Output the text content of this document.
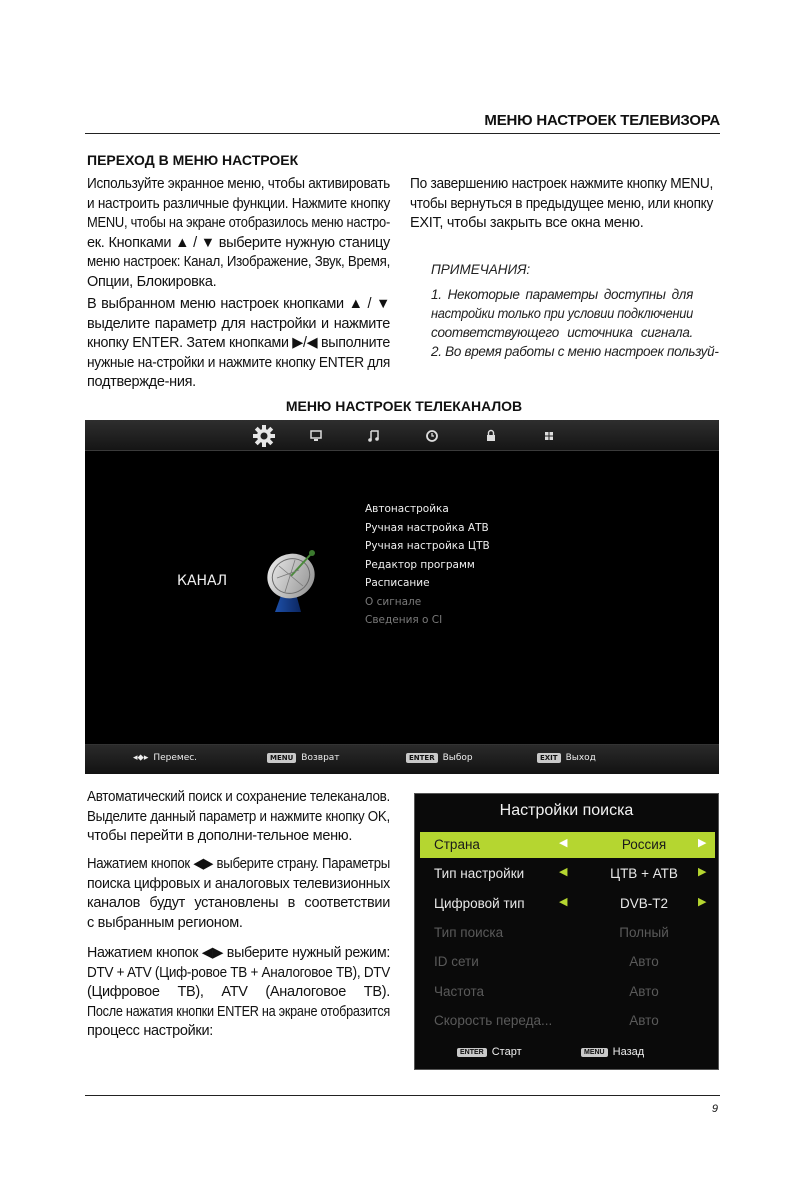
МЕНЮ НАСТРОЕК ТЕЛЕВИЗОРА
ПЕРЕХОД В МЕНЮ НАСТРОЕК
Используйте экранное меню, чтобы активировать
и настроить различные функции. Нажмите кнопку
MENU, чтобы на экране отобразилось меню настро-
ек. Кнопками ▲ / ▼ выберите нужную станицу
меню настроек: Канал, Изображение, Звук, Время,
Опции, Блокировка.
В выбранном меню настроек кнопками ▲ / ▼
выделите параметр для настройки и нажмите
кнопку ENTER. Затем кнопками ▶/◀ выполните
нужные на-стройки и нажмите кнопку ENTER для
подтвержде-ния.
По завершению настроек нажмите кнопку MENU,
чтобы вернуться в предыдущее меню, или кнопку
EXIT, чтобы закрыть все окна меню.
ПРИМЕЧАНИЯ:
1. Некоторые параметры доступны для
настройки только при условии подключении
соответствующего источника сигнала.
2. Во время работы с меню настроек пользуй-
МЕНЮ НАСТРОЕК ТЕЛЕКАНАЛОВ
КАНАЛ
Автонастройка
Ручная настройка АТВ
Ручная настройка ЦТВ
Редактор программ
Расписание
О сигнале
Сведения о CI
◂⬥▸ Перемес.	MENU Возврат	ENTER Выбор	EXIT Выход
Автоматический поиск и сохранение телеканалов.
Выделите данный параметр и нажмите кнопку OK,
чтобы перейти в дополни-тельное меню.
Нажатием кнопок ◀▶ выберите страну. Параметры
поиска цифровых и аналоговых телевизионных
каналов будут установлены в соответствии
с выбранным регионом.
Нажатием кнопок ◀▶ выберите нужный режим:
DTV + ATV (Циф-ровое ТВ + Аналоговое ТВ), DTV
(Цифровое ТВ), ATV (Аналоговое ТВ).
После нажатия кнопки ENTER на экране отобразится
процесс настройки:
Настройки поиска
Страна	Россия
◀	▶
Тип настройки	ЦТВ + АТВ
◀	▶
Цифровой тип	DVB-T2
◀	▶
Тип поиска	Полный
ID сети	Авто
Частота	Авто
Скорость переда...	Авто
ENTER Старт	MENU Назад
9
